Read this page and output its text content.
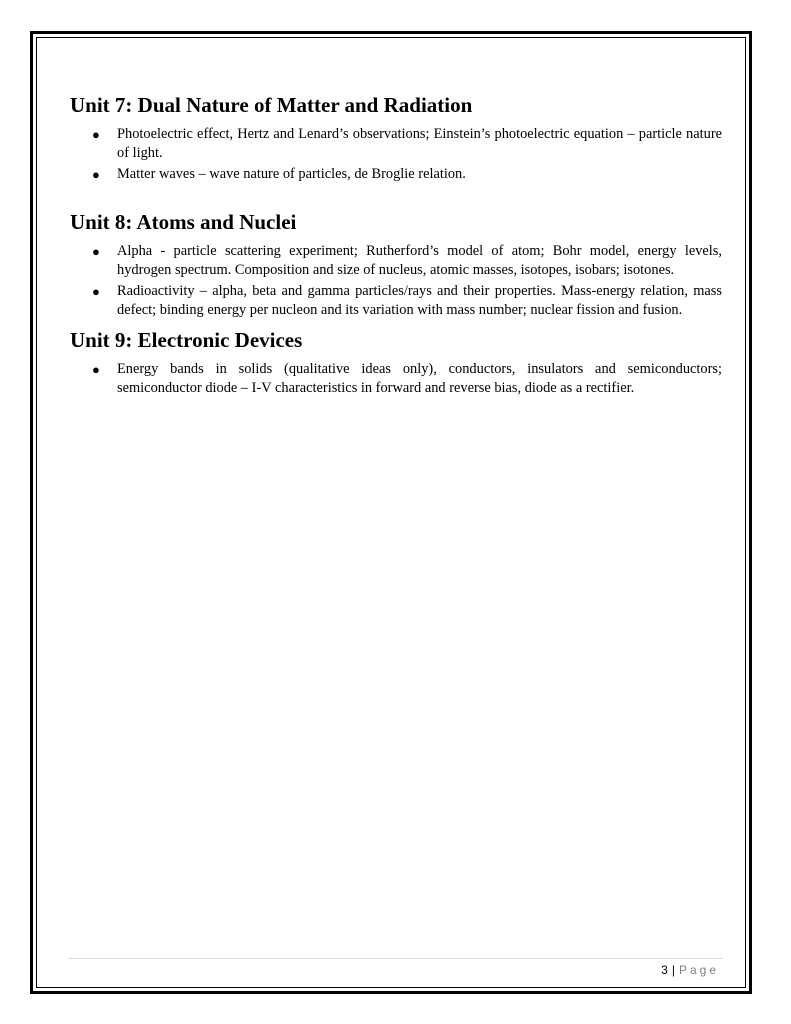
Unit 7: Dual Nature of Matter and Radiation
● Photoelectric effect, Hertz and Lenard’s observations; Einstein’s photoelectric equation – particle nature of light.
● Matter waves – wave nature of particles, de Broglie relation.
Unit 8: Atoms and Nuclei
● Alpha - particle scattering experiment; Rutherford’s model of atom; Bohr model, energy levels, hydrogen spectrum. Composition and size of nucleus, atomic masses, isotopes, isobars; isotones.
● Radioactivity – alpha, beta and gamma particles/rays and their properties. Mass-energy relation, mass defect; binding energy per nucleon and its variation with mass number; nuclear fission and fusion.
Unit 9: Electronic Devices
● Energy bands in solids (qualitative ideas only), conductors, insulators and semiconductors; semiconductor diode – I-V characteristics in forward and reverse bias, diode as a rectifier.
3 | Page
